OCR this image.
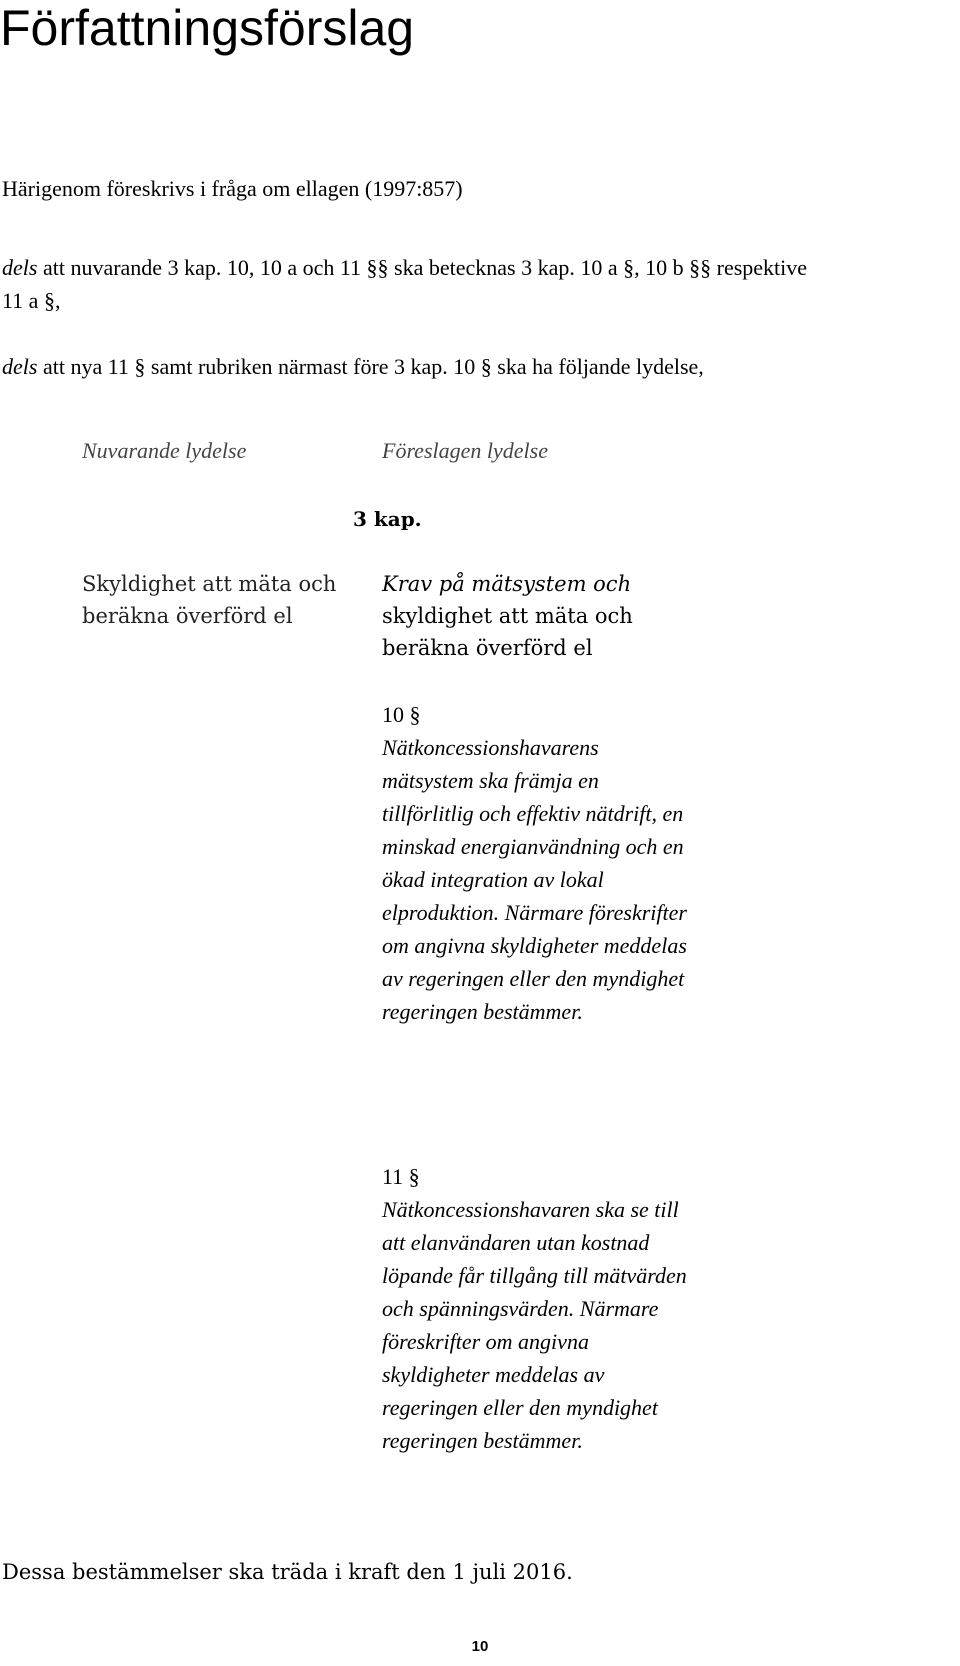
Författningsförslag
Härigenom föreskrivs i fråga om ellagen (1997:857)
dels att nuvarande 3 kap. 10, 10 a och 11 §§ ska betecknas 3 kap. 10 a §, 10 b §§ respektive
11 a §,
dels att nya 11 § samt rubriken närmast före 3 kap. 10 § ska ha följande lydelse,
Nuvarande lydelse	Föreslagen lydelse
3 kap.
Skyldighet att mäta och beräkna överförd el
Krav på mätsystem och
skyldighet att mäta och beräkna överförd el
10 §
Nätkoncessionshavarens mätsystem ska främja en tillförlitlig och effektiv nätdrift, en minskad energianvändning och en ökad integration av lokal elproduktion. Närmare föreskrifter om angivna skyldigheter meddelas av regeringen eller den myndighet regeringen bestämmer.
11 §
Nätkoncessionshavaren ska se till att elanvändaren utan kostnad löpande får tillgång till mätvärden och spänningsvärden. Närmare föreskrifter om angivna skyldigheter meddelas av regeringen eller den myndighet regeringen bestämmer.
Dessa bestämmelser ska träda i kraft den 1 juli 2016.
10
